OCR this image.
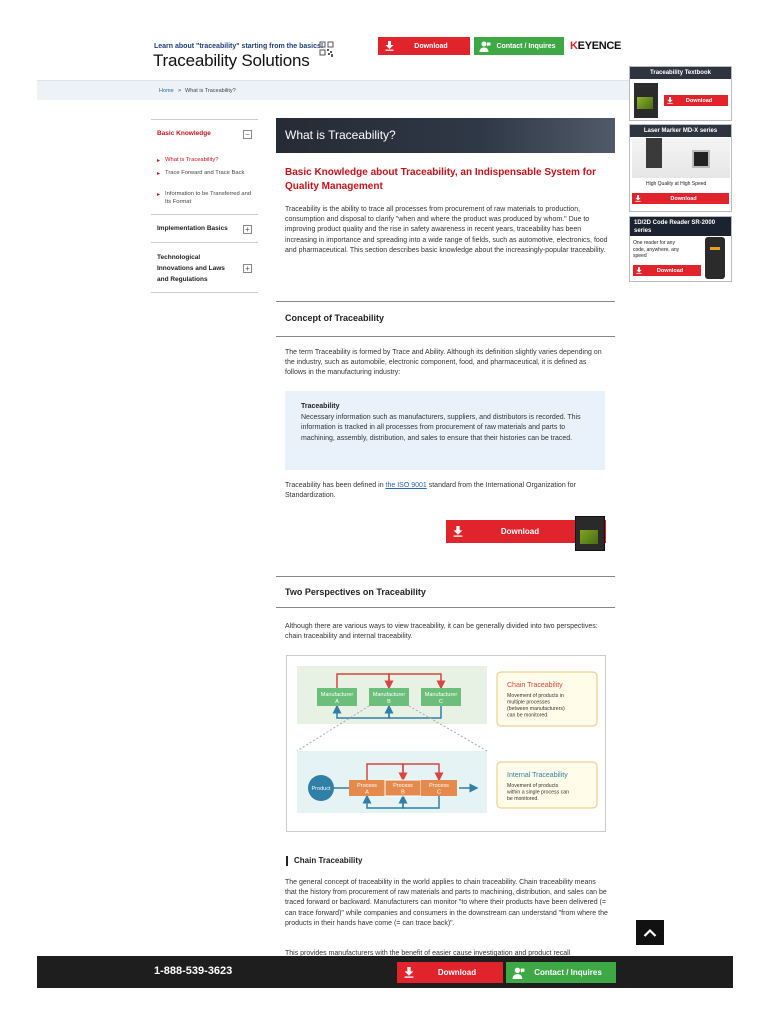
Learn about "traceability" starting from the basics!
Traceability Solutions
Download	Contact / Inquires	KEYENCE
Home > What is Traceability?
Traceability Textbook
Download
Laser Marker MD-X series
High Quality at High Speed
Download
1D/2D Code Reader SR-2000 series
One reader for any code, anywhere, any speed
Download
Basic Knowledge	−
▸ What is Traceability?
▸ Trace Forward and Trace Back
▸ Information to be Transferred and Its Format
Implementation Basics +
Technological Innovations and Laws and Regulations
+
What is Traceability?
Basic Knowledge about Traceability, an Indispensable System for Quality Management
Traceability is the ability to trace all processes from procurement of raw materials to production, consumption and disposal to clarify "when and where the product was produced by whom." Due to improving product quality and the rise in safety awareness in recent years, traceability has been increasing in importance and spreading into a wide range of fields, such as automotive, electronics, food and pharmaceutical. This section describes basic knowledge about the increasingly-popular traceability.
Concept of Traceability
The term Traceability is formed by Trace and Ability. Although its definition slightly varies depending on the industry, such as automobile, electronic component, food, and pharmaceutical, it is defined as follows in the manufacturing industry:
Traceability
Necessary information such as manufacturers, suppliers, and distributors is recorded. This information is tracked in all processes from procurement of raw materials and parts to machining, assembly, distribution, and sales to ensure that their histories can be traced.
Traceability has been defined in the ISO 9001 standard from the International Organization for Standardization.
Download
Two Perspectives on Traceability
Although there are various ways to view traceability, it can be generally divided into two perspectives: chain traceability and internal traceability.
Manufacturer
A
Manufacturer
B
Manufacturer
C
Chain Traceability
Movement of products in
multiple processes
(between manufacturers)
can be monitored.
Product	Process
A
Process
B
Process
C
Internal Traceability
Movement of products
within a single process can
be monitored.
Chain Traceability
The general concept of traceability in the world applies to chain traceability. Chain traceability means that the history from procurement of raw materials and parts to machining, distribution, and sales can be traced forward or backward. Manufacturers can monitor "to where their products have been delivered (= can trace forward)" while companies and consumers in the downstream can understand "from where the products in their hands have come (= can trace back)".
This provides manufacturers with the benefit of easier cause investigation and product recall
1-888-539-3623	Download	Contact / Inquires
